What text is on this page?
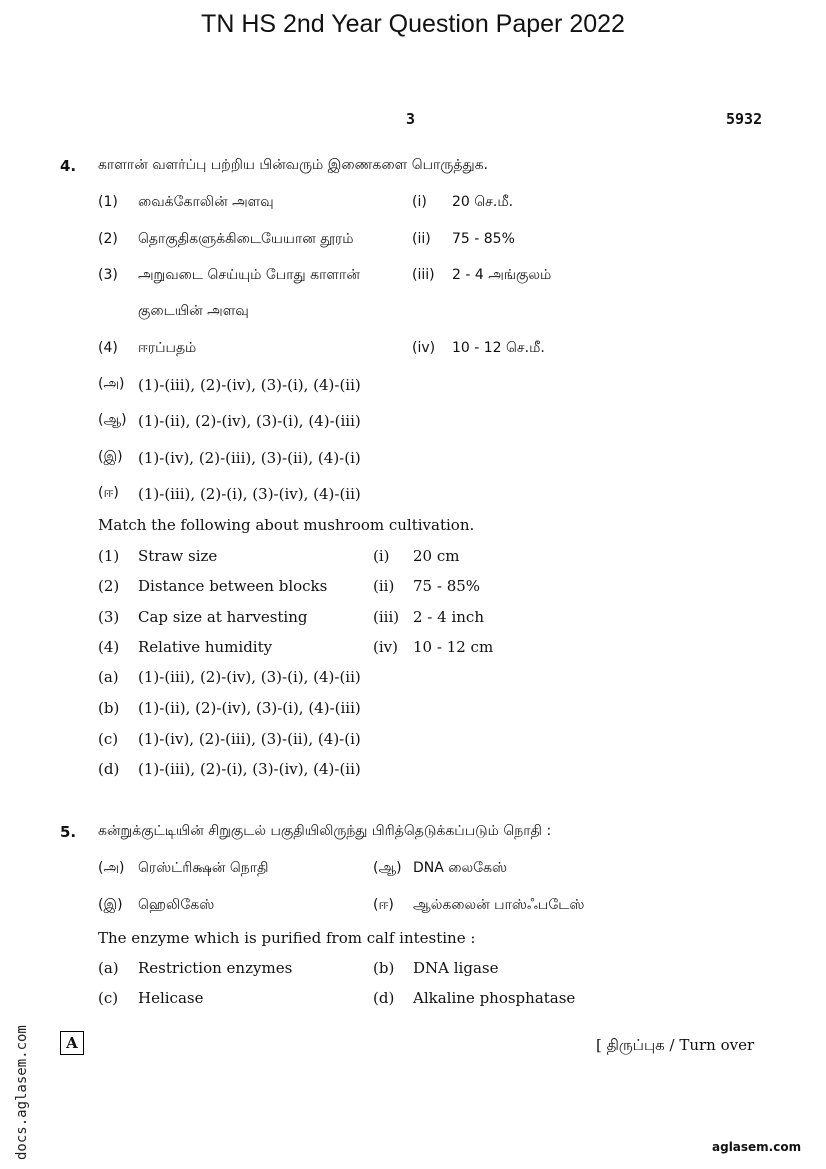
TN HS 2nd Year Question Paper 2022
3	5932
4. காளான் வளர்ப்பு பற்றிய பின்வரும் இணைகளை பொருத்துக.
(1) வைக்கோலின் அளவு	(i) 20 செ.மீ.
(2) தொகுதிகளுக்கிடையேயான தூரம்	(ii) 75 - 85%
(3) அறுவடை செய்யும் போது காளான்	(iii) 2 - 4 அங்குலம்
குடையின் அளவு
(4) ஈரப்பதம்	(iv) 10 - 12 செ.மீ.
(அ) (1)-(iii), (2)-(iv), (3)-(i), (4)-(ii)
(ஆ) (1)-(ii), (2)-(iv), (3)-(i), (4)-(iii)
(இ) (1)-(iv), (2)-(iii), (3)-(ii), (4)-(i)
(ஈ) (1)-(iii), (2)-(i), (3)-(iv), (4)-(ii)
Match the following about mushroom cultivation.
(1) Straw size	(i) 20 cm
(2) Distance between blocks	(ii) 75 - 85%
(3) Cap size at harvesting	(iii) 2 - 4 inch
(4) Relative humidity	(iv) 10 - 12 cm
(a) (1)-(iii), (2)-(iv), (3)-(i), (4)-(ii)
(b) (1)-(ii), (2)-(iv), (3)-(i), (4)-(iii)
(c) (1)-(iv), (2)-(iii), (3)-(ii), (4)-(i)
(d) (1)-(iii), (2)-(i), (3)-(iv), (4)-(ii)
5. கன்றுக்குட்டியின் சிறுகுடல் பகுதியிலிருந்து பிரித்தெடுக்கப்படும் நொதி :
(அ) ரெஸ்ட்ரிக்ஷன் நொதி	(ஆ) DNA லைகேஸ்
(இ) ஹெலிகேஸ்	(ஈ) ஆல்கலைன் பாஸ்ஃபடேஸ்
The enzyme which is purified from calf intestine :
(a) Restriction enzymes	(b) DNA ligase
(c) Helicase	(d) Alkaline phosphatase
docs.aglasem.com	A	[ திருப்புக / Turn over
aglasem.com
